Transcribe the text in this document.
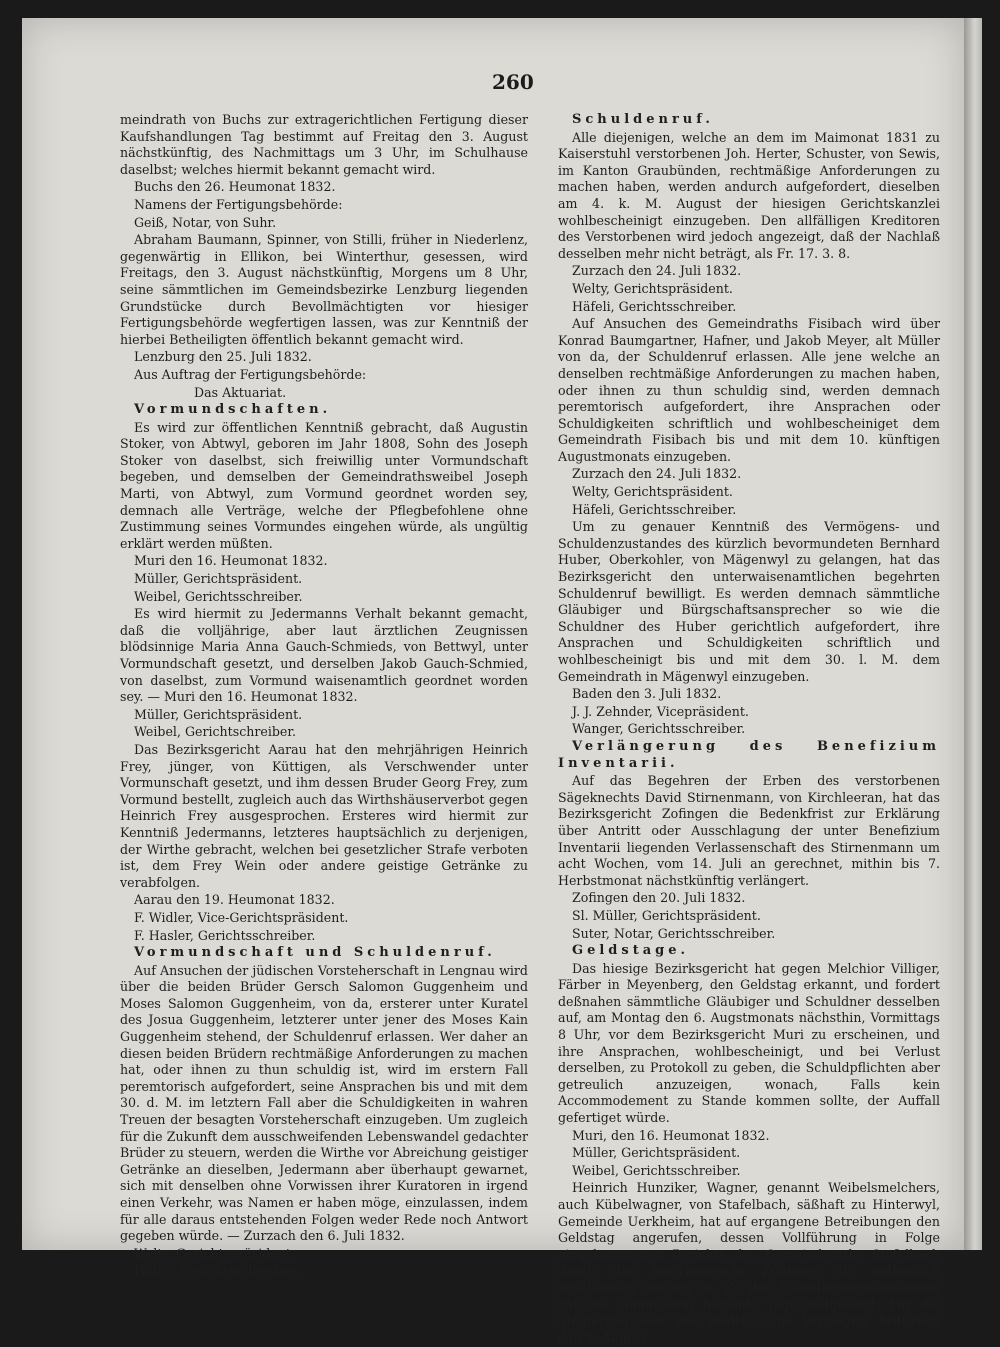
260

meindrath von Buchs zur extragerichtlichen Fertigung dieser Kaufshandlungen Tag bestimmt auf Freitag den 3. August nächstkünftig, des Nachmittags um 3 Uhr, im Schulhause daselbst; welches hiermit bekannt gemacht wird.

Buchs den 26. Heumonat 1832.

Namens der Fertigungsbehörde:

Geiß, Notar, von Suhr.

Abraham Baumann, Spinner, von Stilli, früher in Niederlenz, gegenwärtig in Ellikon, bei Winterthur, gesessen, wird Freitags, den 3. August nächstkünftig, Morgens um 8 Uhr, seine sämmtlichen im Gemeindsbezirke Lenzburg liegenden Grundstücke durch Bevollmächtigten vor hiesiger Fertigungsbehörde wegfertigen lassen, was zur Kenntniß der hierbei Betheiligten öffentlich bekannt gemacht wird.

Lenzburg den 25. Juli 1832.

Aus Auftrag der Fertigungsbehörde:

Das Aktuariat.

Vormundschaften.

Es wird zur öffentlichen Kenntniß gebracht, daß Augustin Stoker, von Abtwyl, geboren im Jahr 1808, Sohn des Joseph Stoker von daselbst, sich freiwillig unter Vormundschaft begeben, und demselben der Gemeindrathsweibel Joseph Marti, von Abtwyl, zum Vormund geordnet worden sey, demnach alle Verträge, welche der Pflegbefohlene ohne Zustimmung seines Vormundes eingehen würde, als ungültig erklärt werden müßten.

Muri den 16. Heumonat 1832.

Müller, Gerichtspräsident.

Weibel, Gerichtsschreiber.

Es wird hiermit zu Jedermanns Verhalt bekannt gemacht, daß die volljährige, aber laut ärztlichen Zeugnissen blödsinnige Maria Anna Gauch-Schmieds, von Bettwyl, unter Vormundschaft gesetzt, und derselben Jakob Gauch-Schmied, von daselbst, zum Vormund waisenamtlich geordnet worden sey. — Muri den 16. Heumonat 1832.

Müller, Gerichtspräsident.

Weibel, Gerichtschreiber.

Das Bezirksgericht Aarau hat den mehrjährigen Heinrich Frey, jünger, von Küttigen, als Verschwender unter Vormunschaft gesetzt, und ihm dessen Bruder Georg Frey, zum Vormund bestellt, zugleich auch das Wirthshäuserverbot gegen Heinrich Frey ausgesprochen. Ersteres wird hiermit zur Kenntniß Jedermanns, letzteres hauptsächlich zu derjenigen, der Wirthe gebracht, welchen bei gesetzlicher Strafe verboten ist, dem Frey Wein oder andere geistige Getränke zu verabfolgen.

Aarau den 19. Heumonat 1832.

F. Widler, Vice-Gerichtspräsident.

F. Hasler, Gerichtsschreiber.

Vormundschaft und Schuldenruf.

Auf Ansuchen der jüdischen Vorsteherschaft in Lengnau wird über die beiden Brüder Gersch Salomon Guggenheim und Moses Salomon Guggenheim, von da, ersterer unter Kuratel des Josua Guggenheim, letzterer unter jener des Moses Kain Guggenheim stehend, der Schuldenruf erlassen. Wer daher an diesen beiden Brüdern rechtmäßige Anforderungen zu machen hat, oder ihnen zu thun schuldig ist, wird im erstern Fall peremtorisch aufgefordert, seine Ansprachen bis und mit dem 30. d. M. im letztern Fall aber die Schuldigkeiten in wahren Treuen der besagten Vorsteherschaft einzugeben. Um zugleich für die Zukunft dem ausschweifenden Lebenswandel gedachter Brüder zu steuern, werden die Wirthe vor Abreichung geistiger Getränke an dieselben, Jedermann aber überhaupt gewarnet, sich mit denselben ohne Vorwissen ihrer Kuratoren in irgend einen Verkehr, was Namen er haben möge, einzulassen, indem für alle daraus entstehenden Folgen weder Rede noch Antwort gegeben würde. — Zurzach den 6. Juli 1832.

Welty, Gerichtspräsident.

Häfeli, Gerichtsschreiber.

Schuldenruf.

Alle diejenigen, welche an dem im Maimonat 1831 zu Kaiserstuhl verstorbenen Joh. Herter, Schuster, von Sewis, im Kanton Graubünden, rechtmäßige Anforderungen zu machen haben, werden andurch aufgefordert, dieselben am 4. k. M. August der hiesigen Gerichtskanzlei wohlbescheinigt einzugeben. Den allfälligen Kreditoren des Verstorbenen wird jedoch angezeigt, daß der Nachlaß desselben mehr nicht beträgt, als Fr. 17. 3. 8.

Zurzach den 24. Juli 1832.

Welty, Gerichtspräsident.

Häfeli, Gerichtsschreiber.

Auf Ansuchen des Gemeindraths Fisibach wird über Konrad Baumgartner, Hafner, und Jakob Meyer, alt Müller von da, der Schuldenruf erlassen. Alle jene welche an denselben rechtmäßige Anforderungen zu machen haben, oder ihnen zu thun schuldig sind, werden demnach peremtorisch aufgefordert, ihre Ansprachen oder Schuldigkeiten schriftlich und wohlbescheiniget dem Gemeindrath Fisibach bis und mit dem 10. künftigen Augustmonats einzugeben.

Zurzach den 24. Juli 1832.

Welty, Gerichtspräsident.

Häfeli, Gerichtsschreiber.

Um zu genauer Kenntniß des Vermögens- und Schuldenzustandes des kürzlich bevormundeten Bernhard Huber, Oberkohler, von Mägenwyl zu gelangen, hat das Bezirksgericht den unterwaisenamtlichen begehrten Schuldenruf bewilligt. Es werden demnach sämmtliche Gläubiger und Bürgschaftsansprecher so wie die Schuldner des Huber gerichtlich aufgefordert, ihre Ansprachen und Schuldigkeiten schriftlich und wohlbescheinigt bis und mit dem 30. l. M. dem Gemeindrath in Mägenwyl einzugeben.

Baden den 3. Juli 1832.

J. J. Zehnder, Vicepräsident.

Wanger, Gerichtsschreiber.

Verlängerung des Benefizium Inventarii.

Auf das Begehren der Erben des verstorbenen Sägeknechts David Stirnenmann, von Kirchleeran, hat das Bezirksgericht Zofingen die Bedenkfrist zur Erklärung über Antritt oder Ausschlagung der unter Benefizium Inventarii liegenden Verlassenschaft des Stirnenmann um acht Wochen, vom 14. Juli an gerechnet, mithin bis 7. Herbstmonat nächstkünftig verlängert.

Zofingen den 20. Juli 1832.

Sl. Müller, Gerichtspräsident.

Suter, Notar, Gerichtsschreiber.

Geldstage.

Das hiesige Bezirksgericht hat gegen Melchior Villiger, Färber in Meyenberg, den Geldstag erkannt, und fordert deßnahen sämmtliche Gläubiger und Schuldner desselben auf, am Montag den 6. Augstmonats nächsthin, Vormittags 8 Uhr, vor dem Bezirksgericht Muri zu erscheinen, und ihre Ansprachen, wohlbescheinigt, und bei Verlust derselben, zu Protokoll zu geben, die Schuldpflichten aber getreulich anzuzeigen, wonach, Falls kein Accommodement zu Stande kommen sollte, der Auffall gefertiget würde.

Muri, den 16. Heumonat 1832.

Müller, Gerichtspräsident.

Weibel, Gerichtsschreiber.

Heinrich Hunziker, Wagner, genannt Weibelsmelchers, auch Kübelwagner, von Stafelbach, säßhaft zu Hinterwyl, Gemeinde Uerkheim, hat auf ergangene Betreibungen den Geldstag angerufen, dessen Vollführung in Folge eingekommenen Berichts des Gemeinderaths Stafelbach durch das Bezirksgericht Zofingen als unthunlich beschlossen worden ist. Zu den Geldstagsverhandlungen hat die Commission folgende Tage festgesetzt: Für die Steigerung über das geldstägliche Vermögen: Mittwoch den 8. August
